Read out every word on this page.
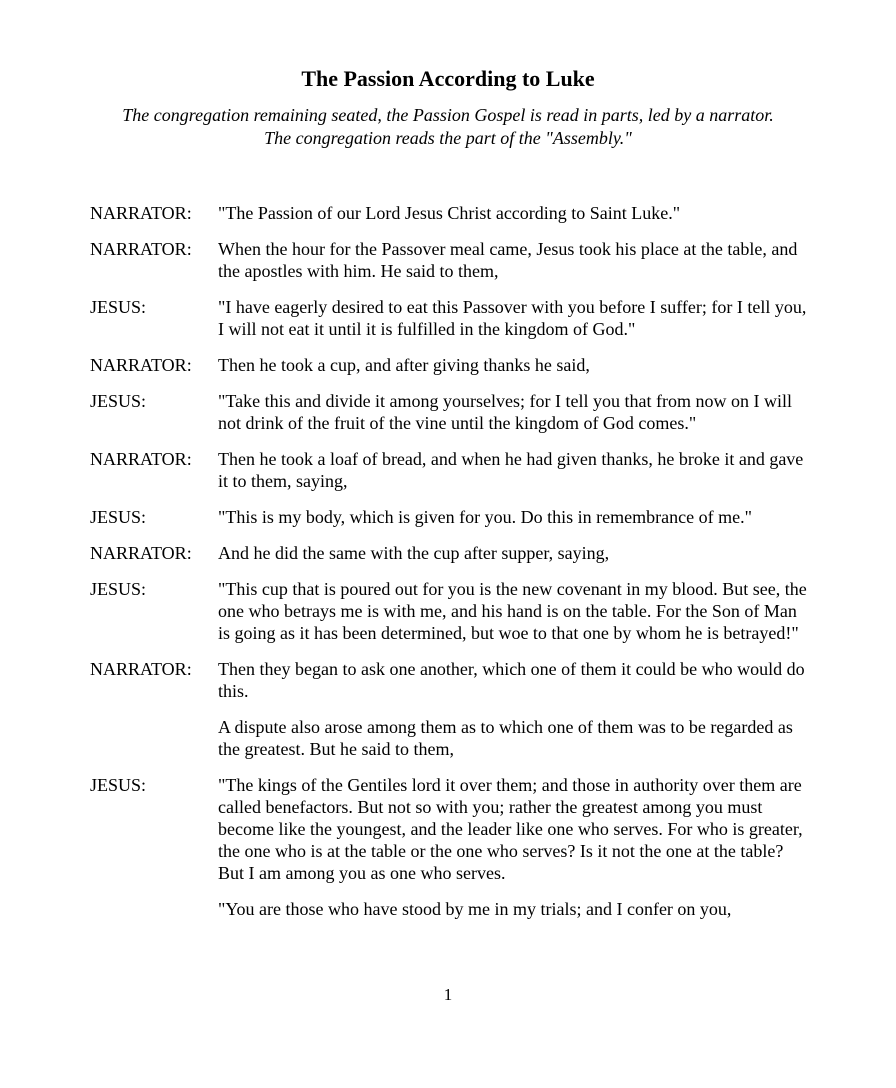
The Passion According to Luke
The congregation remaining seated, the Passion Gospel is read in parts, led by a narrator. The congregation reads the part of the "Assembly."
NARRATOR:	"The Passion of our Lord Jesus Christ according to Saint Luke."
NARRATOR:	When the hour for the Passover meal came, Jesus took his place at the table, and the apostles with him. He said to them,
JESUS:	"I have eagerly desired to eat this Passover with you before I suffer; for I tell you, I will not eat it until it is fulfilled in the kingdom of God."
NARRATOR:	Then he took a cup, and after giving thanks he said,
JESUS:	"Take this and divide it among yourselves; for I tell you that from now on I will not drink of the fruit of the vine until the kingdom of God comes."
NARRATOR:	Then he took a loaf of bread, and when he had given thanks, he broke it and gave it to them, saying,
JESUS:	"This is my body, which is given for you. Do this in remembrance of me."
NARRATOR:	And he did the same with the cup after supper, saying,
JESUS:	"This cup that is poured out for you is the new covenant in my blood. But see, the one who betrays me is with me, and his hand is on the table. For the Son of Man is going as it has been determined, but woe to that one by whom he is betrayed!"
NARRATOR:	Then they began to ask one another, which one of them it could be who would do this.
A dispute also arose among them as to which one of them was to be regarded as the greatest. But he said to them,
JESUS:	"The kings of the Gentiles lord it over them; and those in authority over them are called benefactors. But not so with you; rather the greatest among you must become like the youngest, and the leader like one who serves. For who is greater, the one who is at the table or the one who serves? Is it not the one at the table? But I am among you as one who serves.
"You are those who have stood by me in my trials; and I confer on you,
1
